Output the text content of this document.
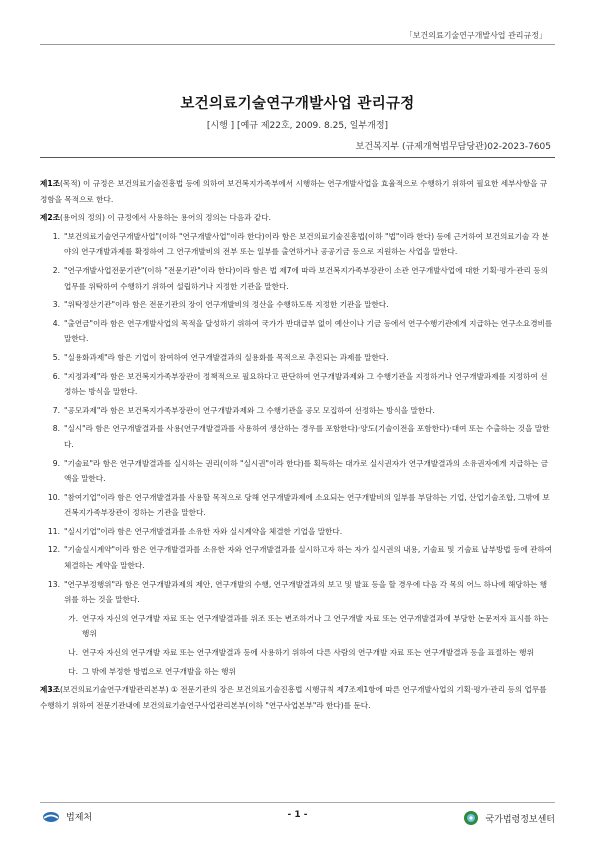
「보건의료기술연구개발사업 관리규정」
보건의료기술연구개발사업 관리규정
[시행 ] [예규 제22호, 2009. 8.25, 일부개정]
보건복지부 (규제개혁법무담당관)02-2023-7605

제1조(목적) 이 규정은 보건의료기술진흥법 등에 의하여 보건복지가족부에서 시행하는 연구개발사업을 효율적으로 수행하기 위하여 필요한 세부사항을 규정함을 목적으로 한다.

제2조(용어의 정의) 이 규정에서 사용하는 용어의 정의는 다음과 같다.

1. "보건의료기술연구개발사업"(이하 "연구개발사업"이라 한다)이라 함은 보건의료기술진흥법(이하 "법"이라 한다) 등에 근거하여 보건의료기술 각 분야의 연구개발과제를 확정하여 그 연구개발비의 전부 또는 일부를 출연하거나 공공기금 등으로 지원하는 사업을 말한다.
2. "연구개발사업전문기관"(이하 "전문기관"이라 한다)이라 함은 법 제7에 따라 보건복지가족부장관이 소관 연구개발사업에 대한 기획·평가·관리 등의 업무를 위탁하여 수행하기 위하여 설립하거나 지정한 기관을 말한다.
3. "위탁정산기관"이라 함은 전문기관의 장이 연구개발비의 정산을 수행하도록 지정한 기관을 말한다.
4. "출연금"이라 함은 연구개발사업의 목적을 달성하기 위하여 국가가 반대급부 없이 예산이나 기금 등에서 연구수행기관에게 지급하는 연구소요경비를 말한다.
5. "실용화과제"라 함은 기업이 참여하여 연구개발결과의 실용화를 목적으로 추진되는 과제를 말한다.
6. "지정과제"라 함은 보건복지가족부장관이 정책적으로 필요하다고 판단하여 연구개발과제와 그 수행기관을 지정하거나 연구개발과제를 지정하여 선정하는 방식을 말한다.
7. "공모과제"라 함은 보건복지가족부장관이 연구개발과제와 그 수행기관을 공모 모집하여 선정하는 방식을 말한다.
8. "실시"라 함은 연구개발결과를 사용(연구개발결과를 사용하여 생산하는 경우를 포함한다)·양도(기술이전을 포함한다)·대여 또는 수출하는 것을 말한다.
9. "기술료"라 함은 연구개발결과를 실시하는 권리(이하 "실시권"이라 한다)를 획득하는 대가로 실시권자가 연구개발결과의 소유권자에게 지급하는 금액을 말한다.
10. "참여기업"이라 함은 연구개발결과를 사용할 목적으로 당해 연구개발과제에 소요되는 연구개발비의 일부를 부담하는 기업, 산업기술조합, 그밖에 보건복지가족부장관이 정하는 기관을 말한다.
11. "실시기업"이라 함은 연구개발결과를 소유한 자와 실시계약을 체결한 기업을 말한다.
12. "기술실시계약"이라 함은 연구개발결과를 소유한 자와 연구개발결과를 실시하고자 하는 자가 실시권의 내용, 기술료 및 기술료 납부방법 등에 관하여 체결하는 계약을 말한다.
13. "연구부정행위"라 함은 연구개발과제의 제안, 연구개발의 수행, 연구개발결과의 보고 및 발표 등을 할 경우에 다음 각 목의 어느 하나에 해당하는 행위를 하는 것을 말한다.
가. 연구자 자신의 연구개발 자료 또는 연구개발결과를 위조 또는 변조하거나 그 연구개발 자료 또는 연구개발결과에 부당한 논문저자 표시를 하는 행위
나. 연구자 자신의 연구개발 자료 또는 연구개발결과 등에 사용하기 위하여 다른 사람의 연구개발 자료 또는 연구개발결과 등을 표절하는 행위
다. 그 밖에 부정한 방법으로 연구개발을 하는 행위

제3조(보건의료기술연구개발관리본부) ① 전문기관의 장은 보건의료기술진흥법 시행규칙 제7조제1항에 따른 연구개발사업의 기획·평가·관리 등의 업무를 수행하기 위하여 전문기관내에 보건의료기술연구사업관리본부(이하 "연구사업본부"라 한다)를 둔다.

법제처	- 1 -	국가법령정보센터
